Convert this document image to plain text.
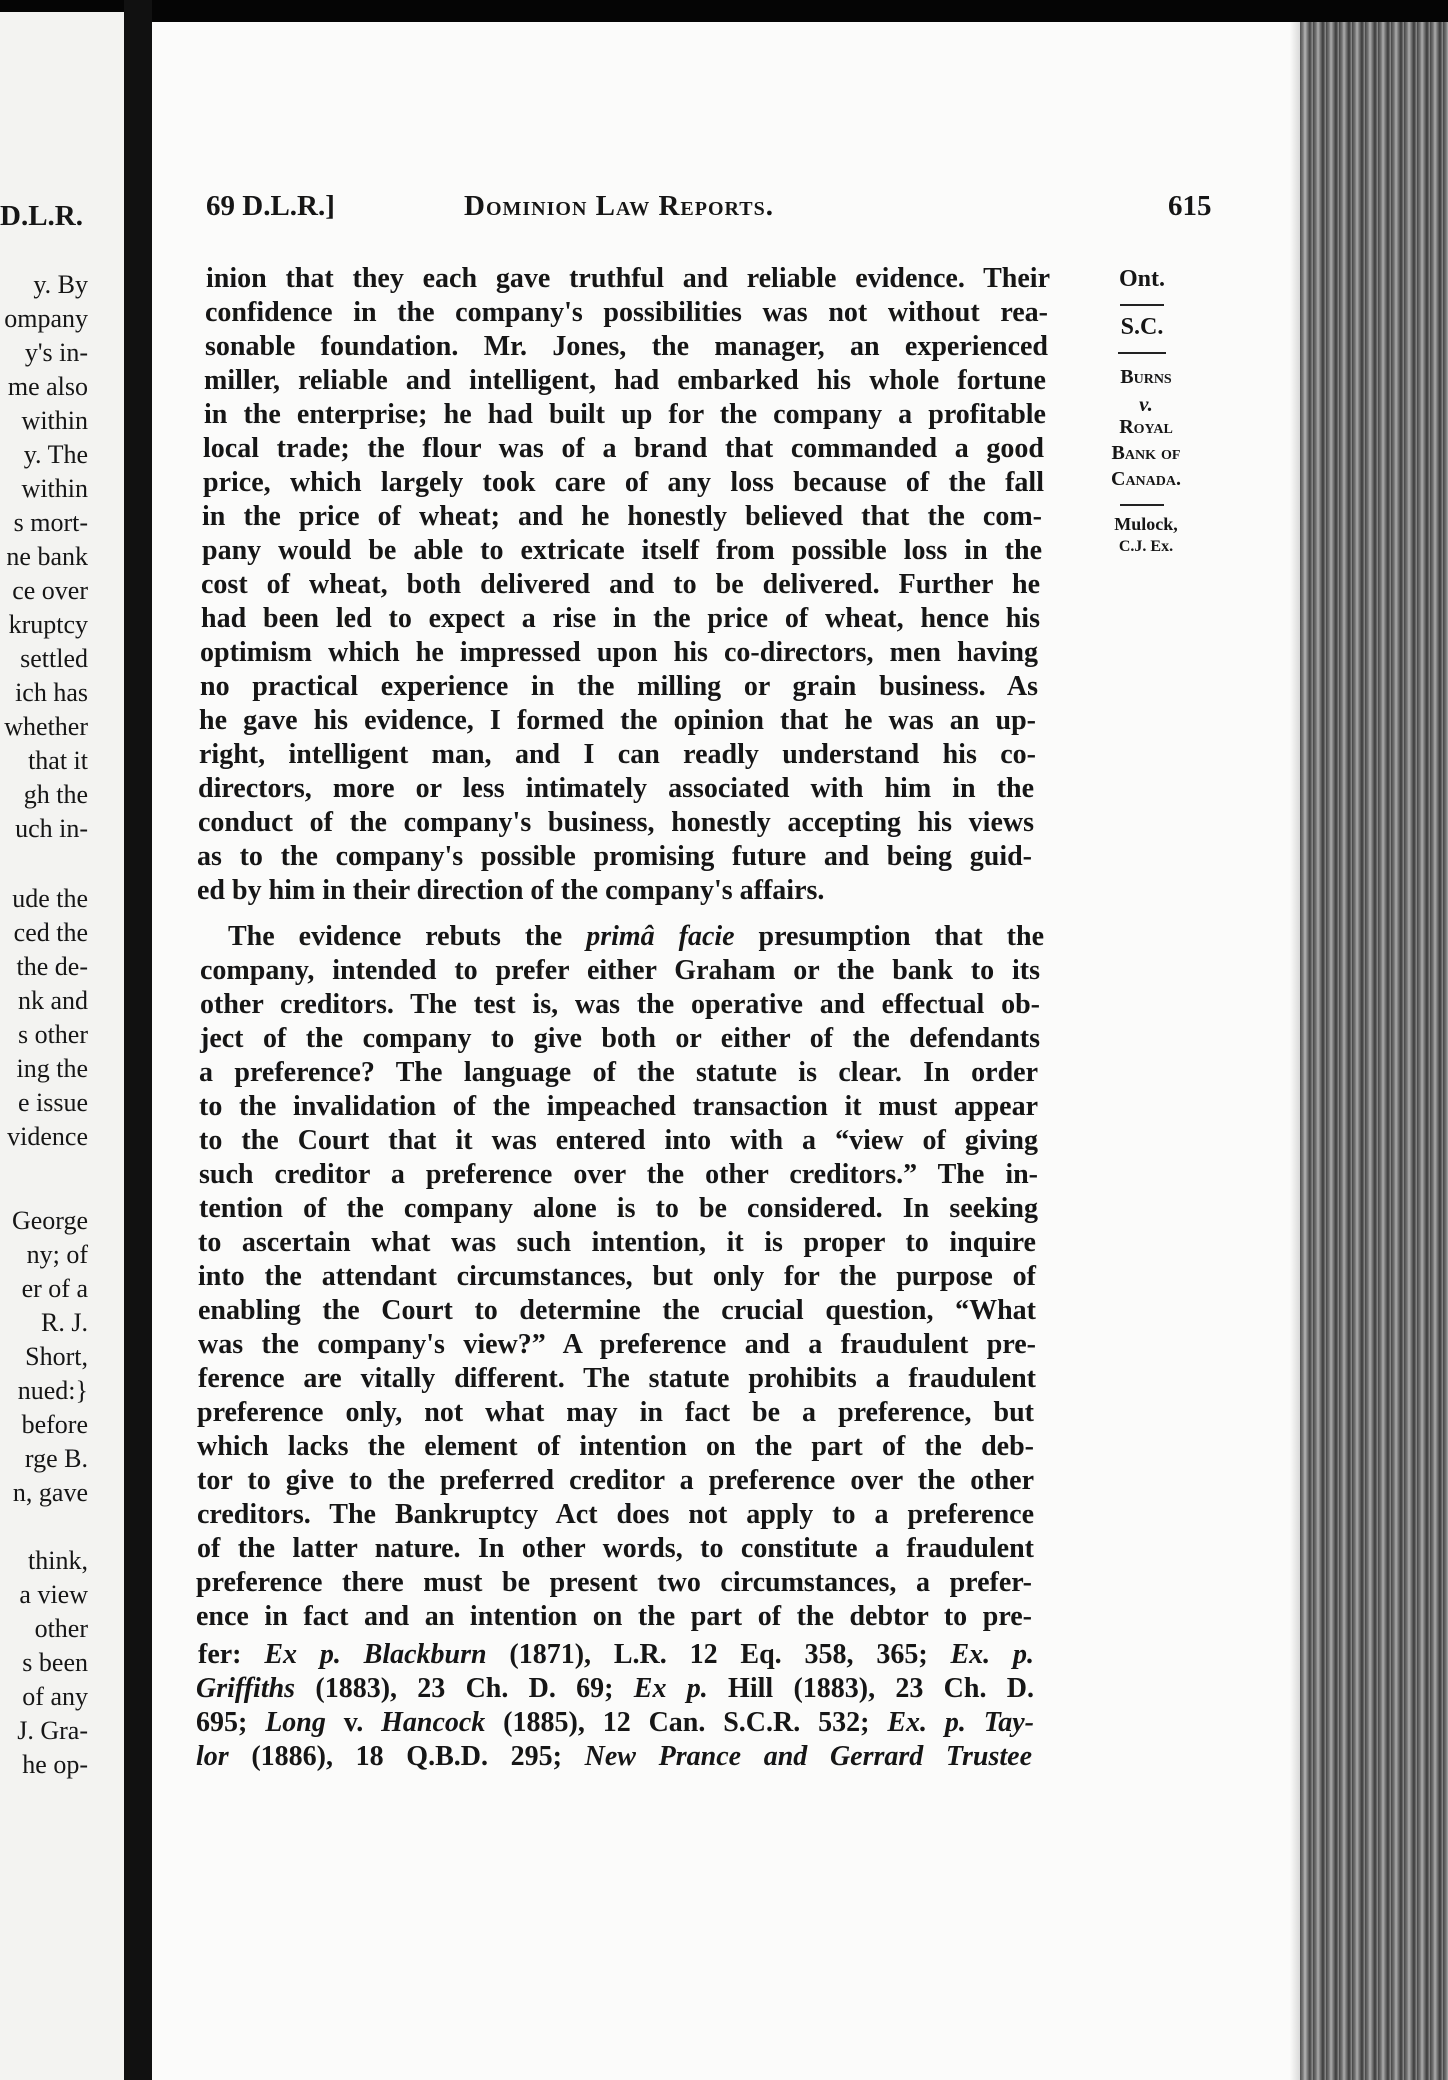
D.L.R.
y. By
ompany
y's in-
me also
within
y. The
within
s mort-
ne bank
ce over
kruptcy
settled
ich has
whether
that it
gh the
uch in-
ude the
ced the
the de-
nk and
s other
ing the
e issue
vidence
George
ny; of
er of a
R. J.
Short,
nued:}
before
rge B.
n, gave
think,
a view
other
s been
of any
J. Gra-
he op-
69 D.L.R.]	Dominion Law Reports.	615
Ont.
S.C.
Burns
v.
Royal
Bank of
Canada.
Mulock,
C.J. Ex.
inion that they each gave truthful and reliable evidence. Their
confidence in the company's possibilities was not without rea-
sonable foundation. Mr. Jones, the manager, an experienced
miller, reliable and intelligent, had embarked his whole fortune
in the enterprise; he had built up for the company a profitable
local trade; the flour was of a brand that commanded a good
price, which largely took care of any loss because of the fall
in the price of wheat; and he honestly believed that the com-
pany would be able to extricate itself from possible loss in the
cost of wheat, both delivered and to be delivered. Further he
had been led to expect a rise in the price of wheat, hence his
optimism which he impressed upon his co-directors, men having
no practical experience in the milling or grain business. As
he gave his evidence, I formed the opinion that he was an up-
right, intelligent man, and I can readly understand his co-
directors, more or less intimately associated with him in the
conduct of the company's business, honestly accepting his views
as to the company's possible promising future and being guid-
ed by him in their direction of the company's affairs.
The evidence rebuts the primâ facie presumption that the
company, intended to prefer either Graham or the bank to its
other creditors. The test is, was the operative and effectual ob-
ject of the company to give both or either of the defendants
a preference? The language of the statute is clear. In order
to the invalidation of the impeached transaction it must appear
to the Court that it was entered into with a “view of giving
such creditor a preference over the other creditors.” The in-
tention of the company alone is to be considered. In seeking
to ascertain what was such intention, it is proper to inquire
into the attendant circumstances, but only for the purpose of
enabling the Court to determine the crucial question, “What
was the company's view?” A preference and a fraudulent pre-
ference are vitally different. The statute prohibits a fraudulent
preference only, not what may in fact be a preference, but
which lacks the element of intention on the part of the deb-
tor to give to the preferred creditor a preference over the other
creditors. The Bankruptcy Act does not apply to a preference
of the latter nature. In other words, to constitute a fraudulent
preference there must be present two circumstances, a prefer-
ence in fact and an intention on the part of the debtor to pre-
fer: Ex p. Blackburn (1871), L.R. 12 Eq. 358, 365; Ex. p.
Griffiths (1883), 23 Ch. D. 69; Ex p. Hill (1883), 23 Ch. D.
695; Long v. Hancock (1885), 12 Can. S.C.R. 532; Ex. p. Tay-
lor (1886), 18 Q.B.D. 295; New Prance and Gerrard Trustee
